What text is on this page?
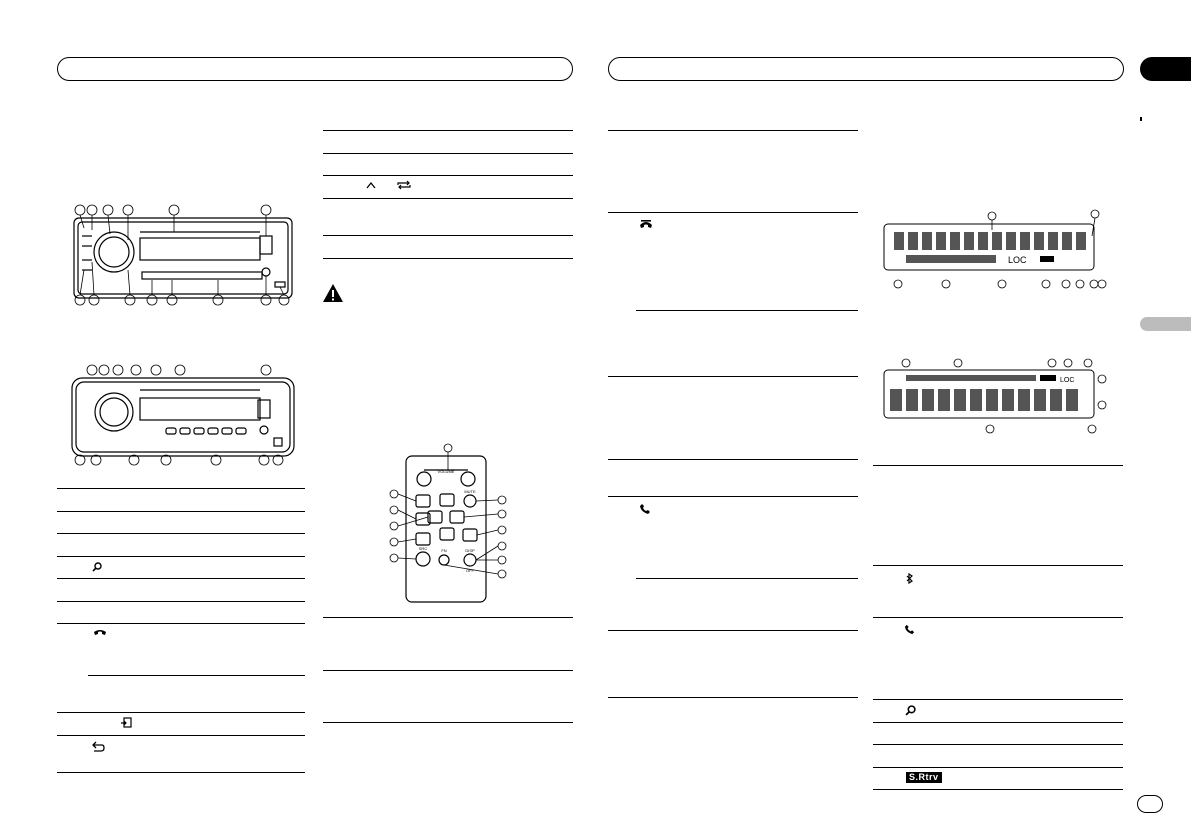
VOLUME
MUTE
DISP
OFF
SRC	FN
LOC
LOC
S.Rtrv
